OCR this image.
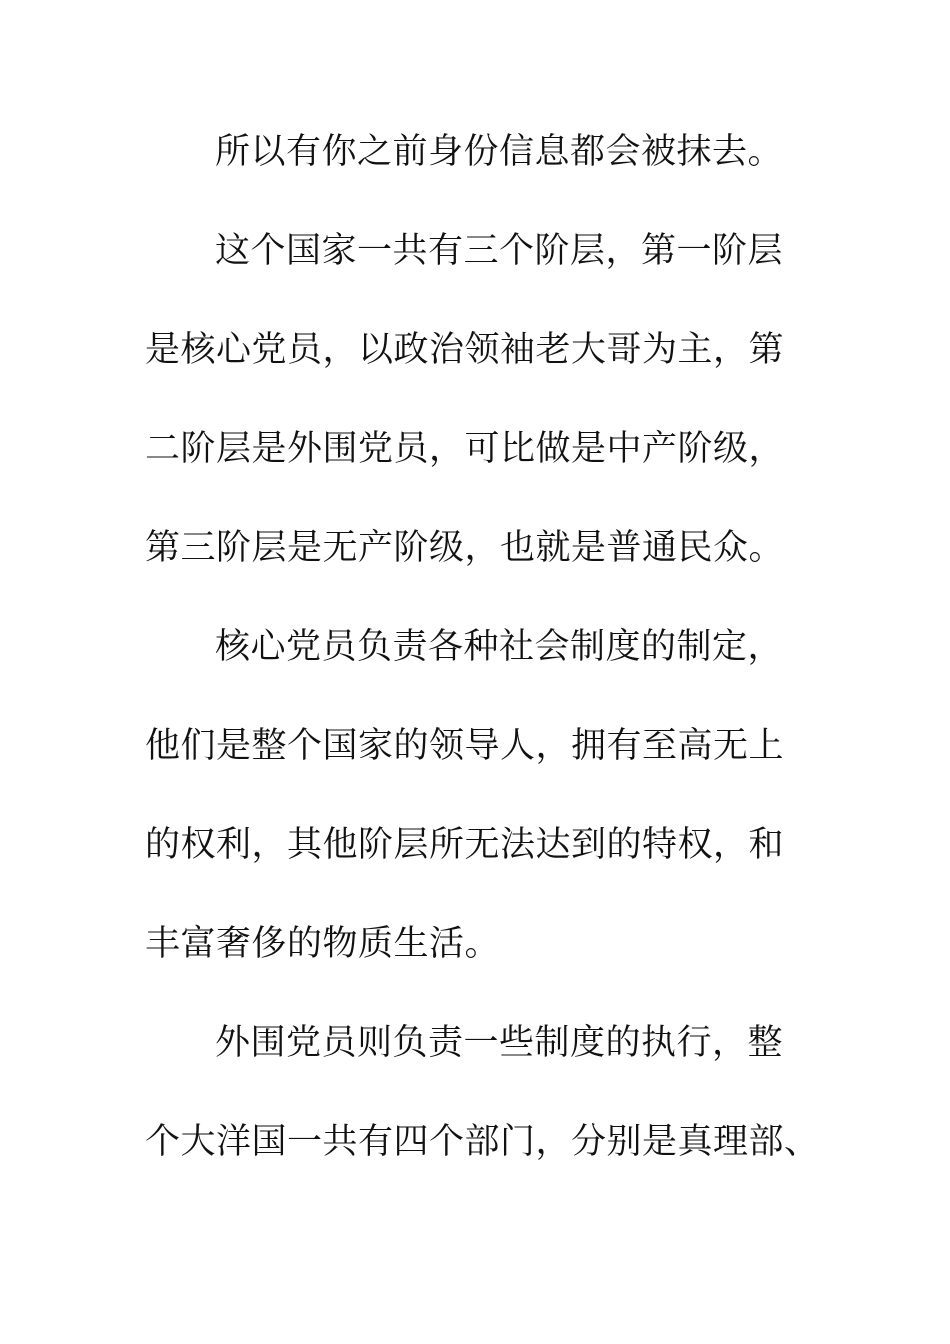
所以有你之前身份信息都会被抹去。
这个国家一共有三个阶层，第一阶层
是核心党员，以政治领袖老大哥为主，第
二阶层是外围党员，可比做是中产阶级，
第三阶层是无产阶级，也就是普通民众。
核心党员负责各种社会制度的制定，
他们是整个国家的领导人，拥有至高无上
的权利，其他阶层所无法达到的特权，和
丰富奢侈的物质生活。
外围党员则负责一些制度的执行，整
个大洋国一共有四个部门，分别是真理部、
